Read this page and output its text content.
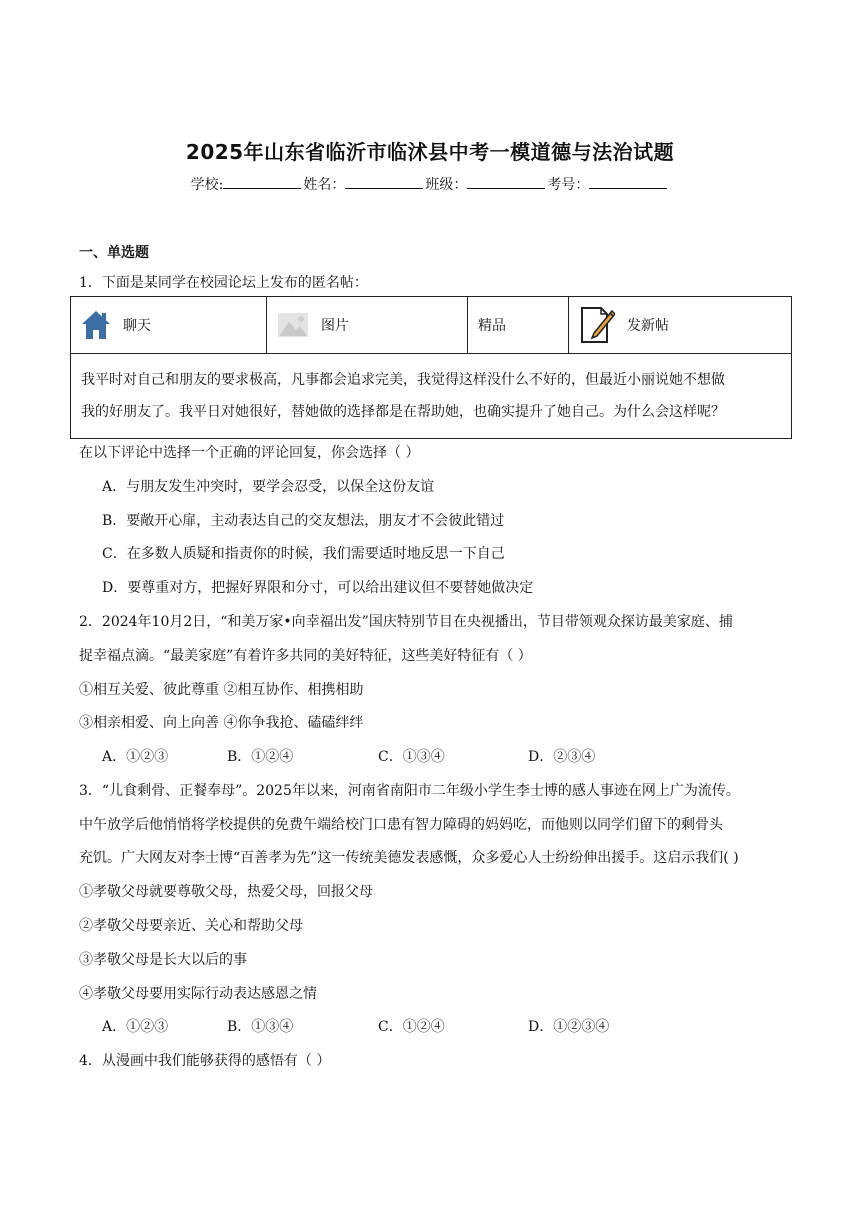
2025年山东省临沂市临沭县中考一模道德与法治试题
学校:	姓名：	班级：	考号：
一、单选题
1．下面是某同学在校园论坛上发布的匿名帖：
聊天	图片	精品	发新帖

我平时对自己和朋友的要求极高，凡事都会追求完美，我觉得这样没什么不好的，但最近小丽说她不想做
我的好朋友了。我平日对她很好，替她做的选择都是在帮助她，也确实提升了她自己。为什么会这样呢？
在以下评论中选择一个正确的评论回复，你会选择（ ）
A．与朋友发生冲突时，要学会忍受，以保全这份友谊
B．要敞开心扉，主动表达自己的交友想法，朋友才不会彼此错过
C．在多数人质疑和指责你的时候，我们需要适时地反思一下自己
D．要尊重对方，把握好界限和分寸，可以给出建议但不要替她做决定
2．2024年10月2日，“和美万家•向幸福出发”国庆特别节目在央视播出，节目带领观众探访最美家庭、捕
捉幸福点滴。“最美家庭”有着许多共同的美好特征，这些美好特征有（ ）
①相互关爱、彼此尊重 ②相互协作、相携相助
③相亲相爱、向上向善 ④你争我抢、磕磕绊绊
A．①②③	B．①②④	C．①③④	D．②③④
3．“儿食剩骨、正餐奉母”。2025年以来，河南省南阳市二年级小学生李士博的感人事迹在网上广为流传。
中午放学后他悄悄将学校提供的免费午端给校门口患有智力障碍的妈妈吃，而他则以同学们留下的剩骨头
充饥。广大网友对李士博“百善孝为先”这一传统美德发表感慨，众多爱心人士纷纷伸出援手。这启示我们( )
①孝敬父母就要尊敬父母，热爱父母，回报父母
②孝敬父母要亲近、关心和帮助父母
③孝敬父母是长大以后的事
④孝敬父母要用实际行动表达感恩之情
A．①②③	B．①③④	C．①②④	D．①②③④
4．从漫画中我们能够获得的感悟有（ ）
